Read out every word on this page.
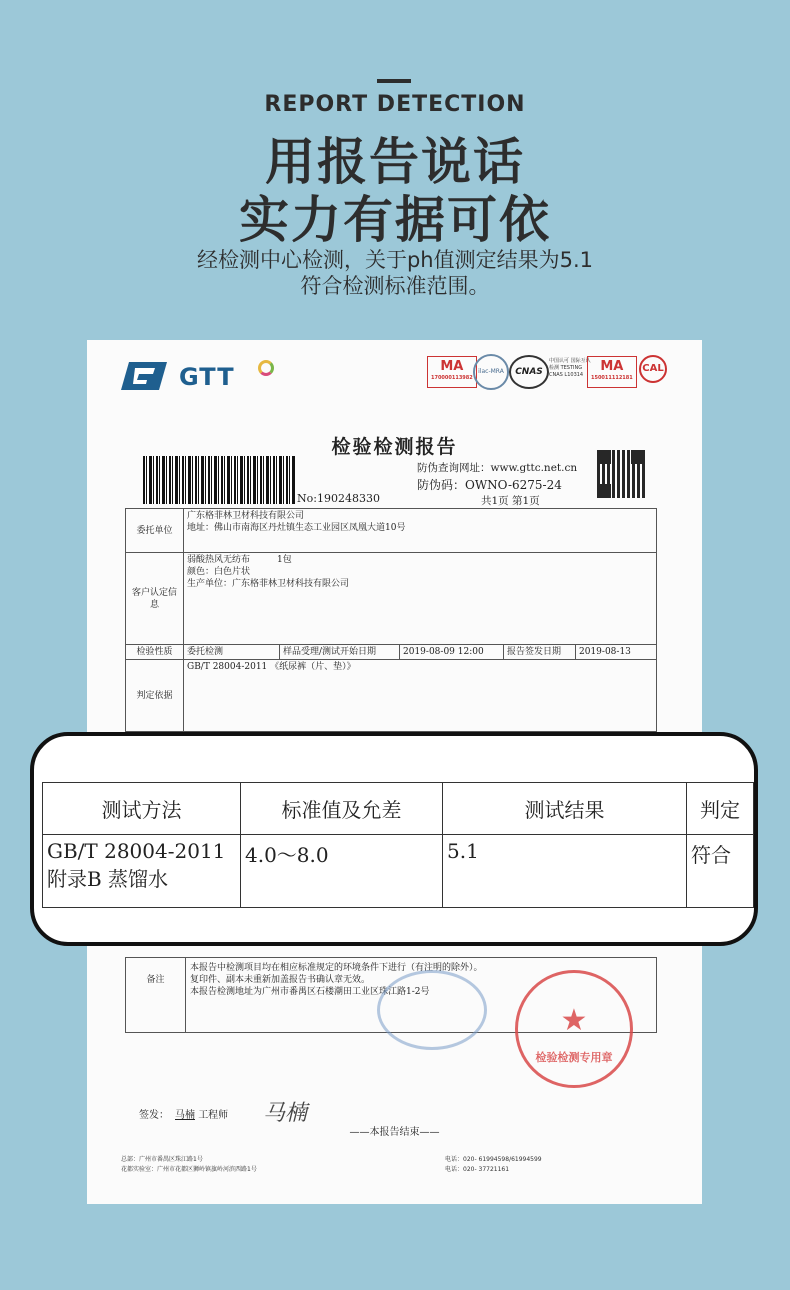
REPORT DETECTION
用报告说话
实力有据可依
经检测中心检测，关于ph值测定结果为5.1
符合检测标准范围。
GTT	MA
170000113982
ilac-MRA	CNAS
中国认可 国际互认 检测 TESTING CNAS L10314
MA
150011112181
CAL
检验检测报告
No:190248330
防伪查询网址：www.gttc.net.cn
防伪码：OWNO-6275-24
共1页 第1页
委托单位	广东格菲林卫材科技有限公司
地址：佛山市南海区丹灶镇生态工业园区凤凰大道10号

客户认定信息	弱酸热风无纺布　　　1包
颜色：白色片状
生产单位：广东格菲林卫材科技有限公司
检验性质	委托检测	样品受理/测试开始日期	2019-08-09 12:00	报告签发日期	2019-08-13
判定依据	GB/T 28004-2011 《纸尿裤（片、垫）》
备注
本报告中检测项目均在相应标准规定的环境条件下进行（有注明的除外）。
复印件、副本未重新加盖报告书确认章无效。
本报告检测地址为广州市番禺区石楼潮田工业区珠江路1-2号
★
检验检测专用章
签发： 马楠 工程师 马楠
——本报告结束——
总部：广州市番禺区珠江路1号
花都实验室：广州市花都区狮岭镇旗岭河滨西路1号
电话：020- 61994598/61994599
电话：020- 37721161
测试方法	标准值及允差	测试结果	判定
GB/T 28004-2011 附录B 蒸馏水	4.0～8.0	5.1	符合
